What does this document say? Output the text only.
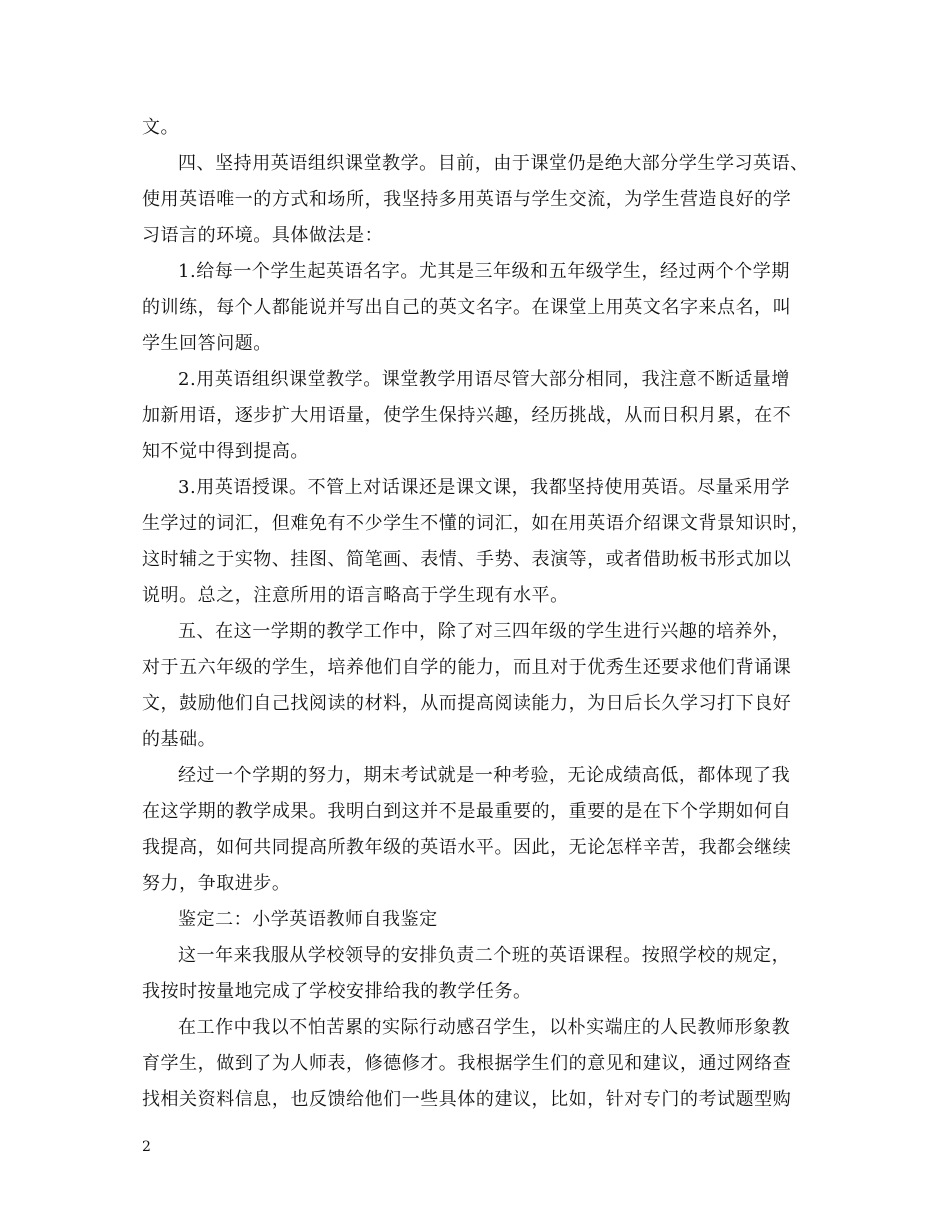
文。
四、坚持用英语组织课堂教学。目前，由于课堂仍是绝大部分学生学习英语、
使用英语唯一的方式和场所，我坚持多用英语与学生交流，为学生营造良好的学
习语言的环境。具体做法是：
1.给每一个学生起英语名字。尤其是三年级和五年级学生，经过两个个学期
的训练，每个人都能说并写出自己的英文名字。在课堂上用英文名字来点名，叫
学生回答问题。
2.用英语组织课堂教学。课堂教学用语尽管大部分相同，我注意不断适量增
加新用语，逐步扩大用语量，使学生保持兴趣，经历挑战，从而日积月累，在不
知不觉中得到提高。
3.用英语授课。不管上对话课还是课文课，我都坚持使用英语。尽量采用学
生学过的词汇，但难免有不少学生不懂的词汇，如在用英语介绍课文背景知识时，
这时辅之于实物、挂图、简笔画、表情、手势、表演等，或者借助板书形式加以
说明。总之，注意所用的语言略高于学生现有水平。
五、在这一学期的教学工作中，除了对三四年级的学生进行兴趣的培养外，
对于五六年级的学生，培养他们自学的能力，而且对于优秀生还要求他们背诵课
文，鼓励他们自己找阅读的材料，从而提高阅读能力，为日后长久学习打下良好
的基础。
经过一个学期的努力，期末考试就是一种考验，无论成绩高低，都体现了我
在这学期的教学成果。我明白到这并不是最重要的，重要的是在下个学期如何自
我提高，如何共同提高所教年级的英语水平。因此，无论怎样辛苦，我都会继续
努力，争取进步。
鉴定二：小学英语教师自我鉴定
这一年来我服从学校领导的安排负责二个班的英语课程。按照学校的规定，
我按时按量地完成了学校安排给我的教学任务。
在工作中我以不怕苦累的实际行动感召学生，以朴实端庄的人民教师形象教
育学生，做到了为人师表，修德修才。我根据学生们的意见和建议，通过网络查
找相关资料信息，也反馈给他们一些具体的建议，比如，针对专门的考试题型购
2
